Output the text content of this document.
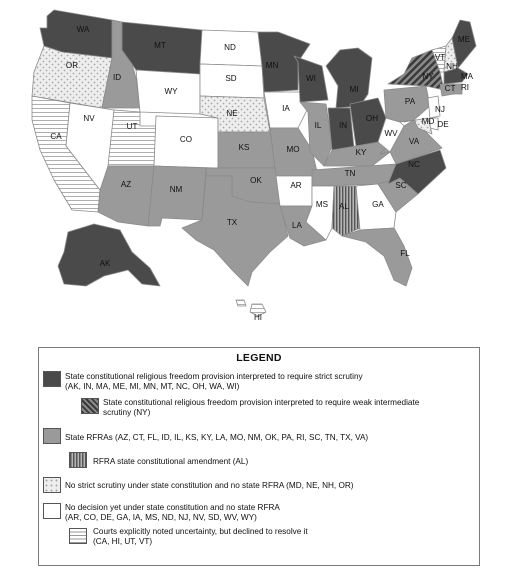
WA
OR
CA
ID
NV
MT
WY
UT
AZ
CO
NM
ND
SD
NE
KS
OK
TX
MN
IA
MO
AR
LA
WI
IL
MI
IN
OH
KY
TN
MS AL	GA
FL
SC
NC
VA
WV
PA
NY
VT
NH
ME
MA
CT RI
NJ
DE
MD
AK
HI
LEGEND
State constitutional religious freedom provision interpreted to require strict scrutiny
(AK, IN, MA, ME, MI, MN, MT, NC, OH, WA, WI)
State constitutional religious freedom provision interpreted to require weak intermediate
scrutiny (NY)
State RFRAs (AZ, CT, FL, ID, IL, KS, KY, LA, MO, NM, OK, PA, RI, SC, TN, TX, VA)
RFRA state constitutional amendment (AL)
No strict scrutiny under state constitution and no state RFRA (MD, NE, NH, OR)
No decision yet under state constitution and no state RFRA
(AR, CO, DE, GA, IA, MS, ND, NJ, NV, SD, WV, WY)
Courts explicitly noted uncertainty, but declined to resolve it
(CA, HI, UT, VT)
